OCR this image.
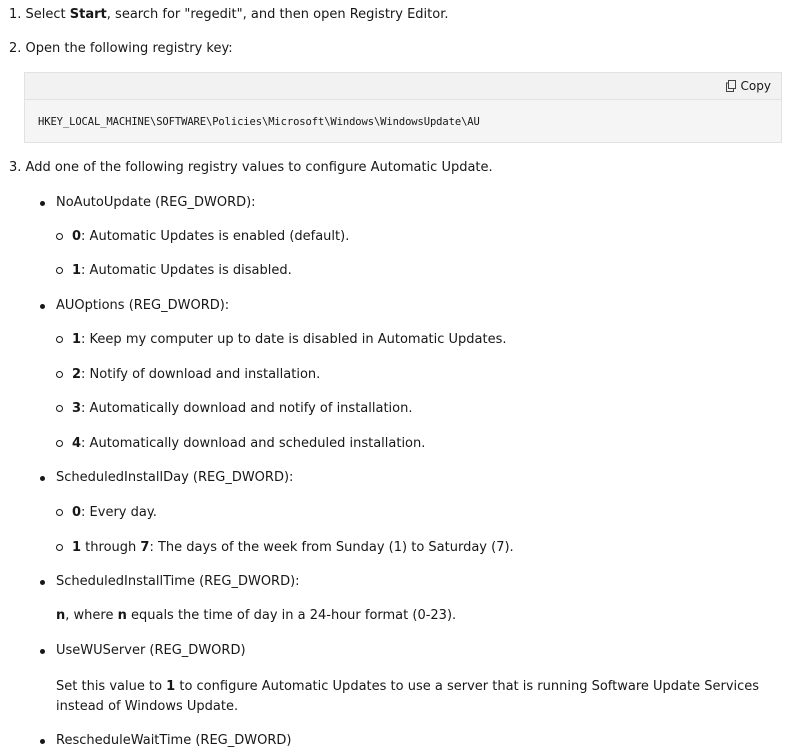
1. Select Start, search for "regedit", and then open Registry Editor.
2. Open the following registry key:
Copy
HKEY_LOCAL_MACHINE\SOFTWARE\Policies\Microsoft\Windows\WindowsUpdate\AU
3. Add one of the following registry values to configure Automatic Update.
NoAutoUpdate (REG_DWORD):
0: Automatic Updates is enabled (default).
1: Automatic Updates is disabled.
AUOptions (REG_DWORD):
1: Keep my computer up to date is disabled in Automatic Updates.
2: Notify of download and installation.
3: Automatically download and notify of installation.
4: Automatically download and scheduled installation.
ScheduledInstallDay (REG_DWORD):
0: Every day.
1 through 7: The days of the week from Sunday (1) to Saturday (7).
ScheduledInstallTime (REG_DWORD):
n, where n equals the time of day in a 24-hour format (0-23).
UseWUServer (REG_DWORD)
Set this value to 1 to configure Automatic Updates to use a server that is running Software Update Services instead of Windows Update.
RescheduleWaitTime (REG_DWORD)
